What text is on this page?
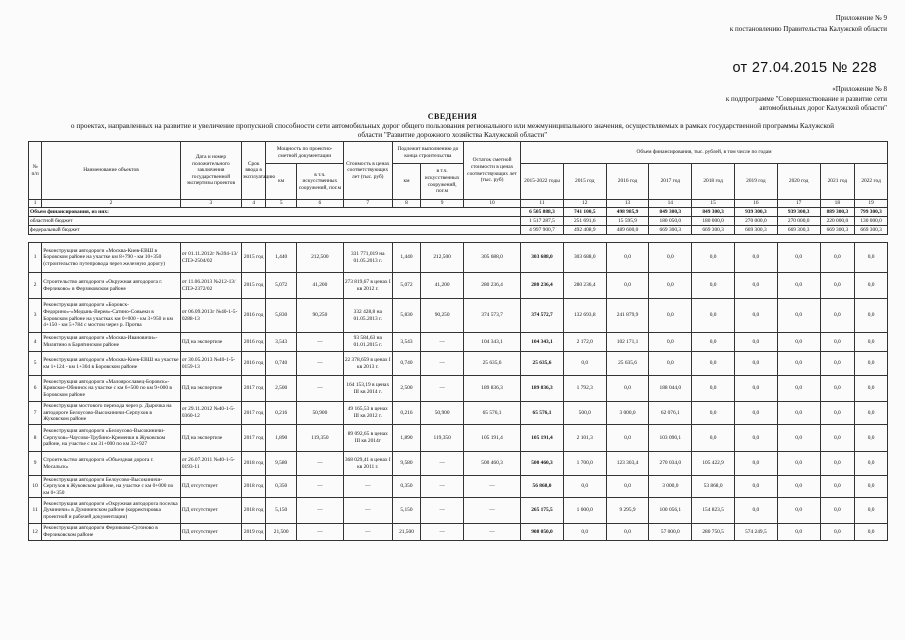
Приложение № 9
к постановлению Правительства Калужской области
от 27.04.2015 № 228
«Приложение № 8
к подпрограмме "Совершенствование и развитие сети
автомобильных дорог Калужской области"
СВЕДЕНИЯ
о проектах, направленных на развитие и увеличение пропускной способности сети автомобильных дорог общего пользования регионального или межмуниципального значения, осуществляемых в рамках государственной программы Калужской
области "Развитие дорожного хозяйства Калужской области"
№ п/п	Наименование объектов	Дата и номер положительного заключения государственной экспертизы проектов	Срок ввода в эксплуатацию	Мощность по проектно-сметной документации		Стоимость в ценах соответствующих лет (тыс. руб)	Подлежит выполнению до конца строительства		Остаток сметной стоимости в ценах соответствующих лет (тыс. руб)	Объем финансирования, тыс. рублей, в том числе по годам								
				км	в т.ч. искусственных сооружений, пог.м		км	в т.ч. искусственных сооружений, пог.м		2015-2022 годы	2015 год	2016 год	2017 год	2018 год	2019 год	2020 год	2021 год	2022 год
1	2	3	4	5	6	7	8	9	10	11	12	13	14	15	16	17	18	19
Объем финансирования, из них:										6 505 888,3	741 100,5	498 985,9	849 300,3	849 300,3	939 300,3	939 300,3	889 300,3	799 300,3
областной бюджет										1 517 287,5	251 691,6	15 595,9	180 050,0	180 000,0	270 000,0	270 000,0	220 000,0	130 000,0
федеральный бюджет										4 997 900,7	492 408,9	489 600,0	669 300,3	669 300,3	669 300,3	669 300,3	669 300,3	669 300,3

1	Реконструкция автодороги «Москва-Киев-ЕВШ в Боровском районе на участке км 8+790 - км 10+350 (строительство путепровода через железную дорогу)	от 01.11.2012г №394-13/СПЭ-2504/02	2015 год	1,440	212,500	331 771,019 на 01.05.2013 г.	1,440	212,500	305 688,0	303 688,0	303 688,0	0,0	0,0	0,0	0,0	0,0	0,0	0,0
2	Строительство автодороги «Окружная автодорога г. Ферзиково» в Ферзиковском районе	от 11.06.2013 №212-13/СПЭ-2372/02	2015 год	5,072	41,200	273 819,67 в ценах I кв 2012 г.	5,072	41,200	280 236,4	280 236,4	280 236,4	0,0	0,0	0,0	0,0	0,0	0,0	0,0
3	Реконструкция автодороги «Боровск-Федорино»-«Медынь-Верея»-Сатино-Совьеки в Боровском районе на участках км 0+000 - км 3+950 и км 4+150 - км 5+784 с мостом через р. Протва	от 06.09.2013г №40-1-5-0288-13	2016 год	5,830	90,250	332 428,8 на 01.05.2013 г.	5,830	90,250	374 573,7	374 572,7	132 693,8	241 879,9	0,0	0,0	0,0	0,0	0,0	0,0
4	Реконструкция автодороги «Москва-Ивановичи»-Милятино в Барятинском районе	ПД на экспертизе	2016 год	3,543	—	93 584,63 на 01.01.2015 г.	3,543	—	104 343,1	104 343,1	2 172,0	102 171,1	0,0	0,0	0,0	0,0	0,0	0,0
5	Реконструкция автодороги «Москва-Киев-ЕВШ на участке км 1+124 - км 1+304 в Боровском районе	от 30.05.2013 №40-1-5-0159-13	2016 год	0,740	—	22 378,659 в ценах I кв 2013 г.	0,740	—	25 635,6	25 635,6	0,0	25 635,6	0,0	0,0	0,0	0,0	0,0	0,0
6	Реконструкция автодороги «Малоярославец-Боровск»-Кривское-Обнинск на участке с км 6+500 по км 9+000 в Боровском районе	ПД на экспертизе	2017 год	2,500	—	164 153,19 в ценах III кв 2014 г.	2,500	—	189 836,3	189 836,3	1 792,3	0,0	188 044,0	0,0	0,0	0,0	0,0	0,0
7	Реконструкция мостового перехода через р. Дырочка на автодороге Белоусово-Высокиничи-Серпухов в Жуковском районе	от 29.11.2012 №40-1-5-0360-12	2017 год	0,216	50,900	49 165,53 в ценах III кв 2012 г.	0,216	50,900	65 576,1	65 576,1	500,0	3 000,0	62 076,1	0,0	0,0	0,0	0,0	0,0
8	Реконструкция автодороги «Белоусово-Высокиничи-Серпухов»-Чаусово-Трубино-Кременки в Жуковском районе, на участке с км 31+000 по км 32+927	ПД на экспертизе	2017 год	1,890	119,350	89 092,65 в ценах III кв 2014г	1,890	119,350	105 191,4	105 191,4	2 101,3	0,0	103 090,1	0,0	0,0	0,0	0,0	0,0
9	Строительство автодороги «Объездная дорога г. Мосальск»	от 26.07.2011 №40-1-5-0193-11	2018 год	9,580	—	368 029,41 в ценах I кв 2011 г.	9,580	—	500 460,3	500 460,3	1 700,0	123 303,4	270 034,0	105 422,9	0,0	0,0	0,0	0,0
10	Реконструкция автодороги Белоусово-Высокиничи-Серпухов в Жуковском районе, на участке с км 0+000 по км 0+350	ПД отсутствует	2018 год	0,350	—	—	0,350	—	—	56 868,0	0,0	0,0	3 000,0	53 868,0	0,0	0,0	0,0	0,0
11	Реконструкция автодороги «Окружная автодорога поселка Думиничи» в Думиничском районе (корректировка проектной и рабочей документации)	ПД отсутствует	2018 год	5,150	—	—	5,150	—	—	265 175,5	1 000,0	9 295,9	100 056,1	154 823,5	0,0	0,0	0,0	0,0
12	Реконструкция автодороги Ферзиково-Сугоново в Ферзиковском районе	ПД отсутствует	2019 год	21,500	—	—	21,500	—	—	908 050,0	0,0	0,0	57 000,0	280 750,5	574 249,5	0,0	0,0	0,0
